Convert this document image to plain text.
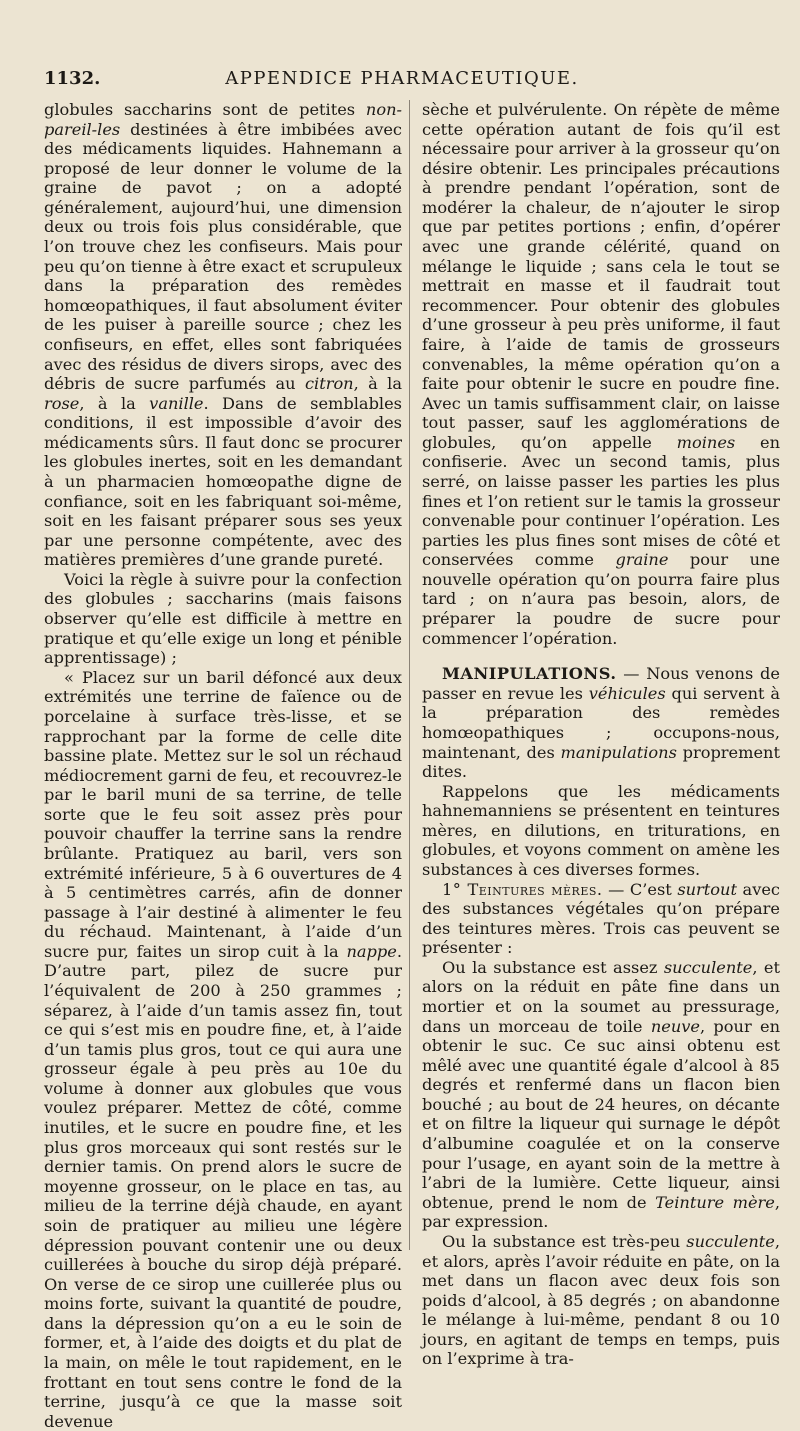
1132.	APPENDICE PHARMACEUTIQUE.

globules saccharins sont de petites non-pareil-les destinées à être imbibées avec des médicaments liquides. Hahnemann a proposé de leur donner le volume de la graine de pavot ; on a adopté généralement, aujourd’hui, une dimension deux ou trois fois plus considérable, que l’on trouve chez les confiseurs. Mais pour peu qu’on tienne à être exact et scrupuleux dans la préparation des remèdes homœopathiques, il faut absolument éviter de les puiser à pareille source ; chez les confiseurs, en effet, elles sont fabriquées avec des résidus de divers sirops, avec des débris de sucre parfumés au citron, à la rose, à la vanille. Dans de semblables conditions, il est impossible d’avoir des médicaments sûrs. Il faut donc se procurer les globules inertes, soit en les demandant à un pharmacien homœopathe digne de confiance, soit en les fabriquant soi-même, soit en les faisant préparer sous ses yeux par une personne compétente, avec des matières premières d’une grande pureté.

Voici la règle à suivre pour la confection des globules ; saccharins (mais faisons observer qu’elle est difficile à mettre en pratique et qu’elle exige un long et pénible apprentissage) ;

« Placez sur un baril défoncé aux deux extrémités une terrine de faïence ou de porcelaine à surface très-lisse, et se rapprochant par la forme de celle dite bassine plate. Mettez sur le sol un réchaud médiocrement garni de feu, et recouvrez-le par le baril muni de sa terrine, de telle sorte que le feu soit assez près pour pouvoir chauffer la terrine sans la rendre brûlante. Pratiquez au baril, vers son extrémité inférieure, 5 à 6 ouvertures de 4 à 5 centimètres carrés, afin de donner passage à l’air destiné à alimenter le feu du réchaud. Maintenant, à l’aide d’un sucre pur, faites un sirop cuit à la nappe. D’autre part, pilez de sucre pur l’équivalent de 200 à 250 grammes ; séparez, à l’aide d’un tamis assez fin, tout ce qui s’est mis en poudre fine, et, à l’aide d’un tamis plus gros, tout ce qui aura une grosseur égale à peu près au 10e du volume à donner aux globules que vous voulez préparer. Mettez de côté, comme inutiles, et le sucre en poudre fine, et les plus gros morceaux qui sont restés sur le dernier tamis. On prend alors le sucre de moyenne grosseur, on le place en tas, au milieu de la terrine déjà chaude, en ayant soin de pratiquer au milieu une légère dépression pouvant contenir une ou deux cuillerées à bouche du sirop déjà préparé. On verse de ce sirop une cuillerée plus ou moins forte, suivant la quantité de poudre, dans la dépression qu’on a eu le soin de former, et, à l’aide des doigts et du plat de la main, on mêle le tout rapidement, en le frottant en tout sens contre le fond de la terrine, jusqu’à ce que la masse soit devenue

sèche et pulvérulente. On répète de même cette opération autant de fois qu’il est nécessaire pour arriver à la grosseur qu’on désire obtenir. Les principales précautions à prendre pendant l’opération, sont de modérer la chaleur, de n’ajouter le sirop que par petites portions ; enfin, d’opérer avec une grande célérité, quand on mélange le liquide ; sans cela le tout se mettrait en masse et il faudrait tout recommencer. Pour obtenir des globules d’une grosseur à peu près uniforme, il faut faire, à l’aide de tamis de grosseurs convenables, la même opération qu’on a faite pour obtenir le sucre en poudre fine. Avec un tamis suffisamment clair, on laisse tout passer, sauf les agglomérations de globules, qu’on appelle moines en confiserie. Avec un second tamis, plus serré, on laisse passer les parties les plus fines et l’on retient sur le tamis la grosseur convenable pour continuer l’opération. Les parties les plus fines sont mises de côté et conservées comme graine pour une nouvelle opération qu’on pourra faire plus tard ; on n’aura pas besoin, alors, de préparer la poudre de sucre pour commencer l’opération.

MANIPULATIONS. — Nous venons de passer en revue les véhicules qui servent à la préparation des remèdes homœopathiques ; occupons-nous, maintenant, des manipulations proprement dites.

Rappelons que les médicaments hahnemanniens se présentent en teintures mères, en dilutions, en triturations, en globules, et voyons comment on amène les substances à ces diverses formes.

1° Teintures mères. — C’est surtout avec des substances végétales qu’on prépare des teintures mères. Trois cas peuvent se présenter :

Ou la substance est assez succulente, et alors on la réduit en pâte fine dans un mortier et on la soumet au pressurage, dans un morceau de toile neuve, pour en obtenir le suc. Ce suc ainsi obtenu est mêlé avec une quantité égale d’alcool à 85 degrés et renfermé dans un flacon bien bouché ; au bout de 24 heures, on décante et on filtre la liqueur qui surnage le dépôt d’albumine coagulée et on la conserve pour l’usage, en ayant soin de la mettre à l’abri de la lumière. Cette liqueur, ainsi obtenue, prend le nom de Teinture mère, par expression.

Ou la substance est très-peu succulente, et alors, après l’avoir réduite en pâte, on la met dans un flacon avec deux fois son poids d’alcool, à 85 degrés ; on abandonne le mélange à lui-même, pendant 8 ou 10 jours, en agitant de temps en temps, puis on l’exprime à tra-
